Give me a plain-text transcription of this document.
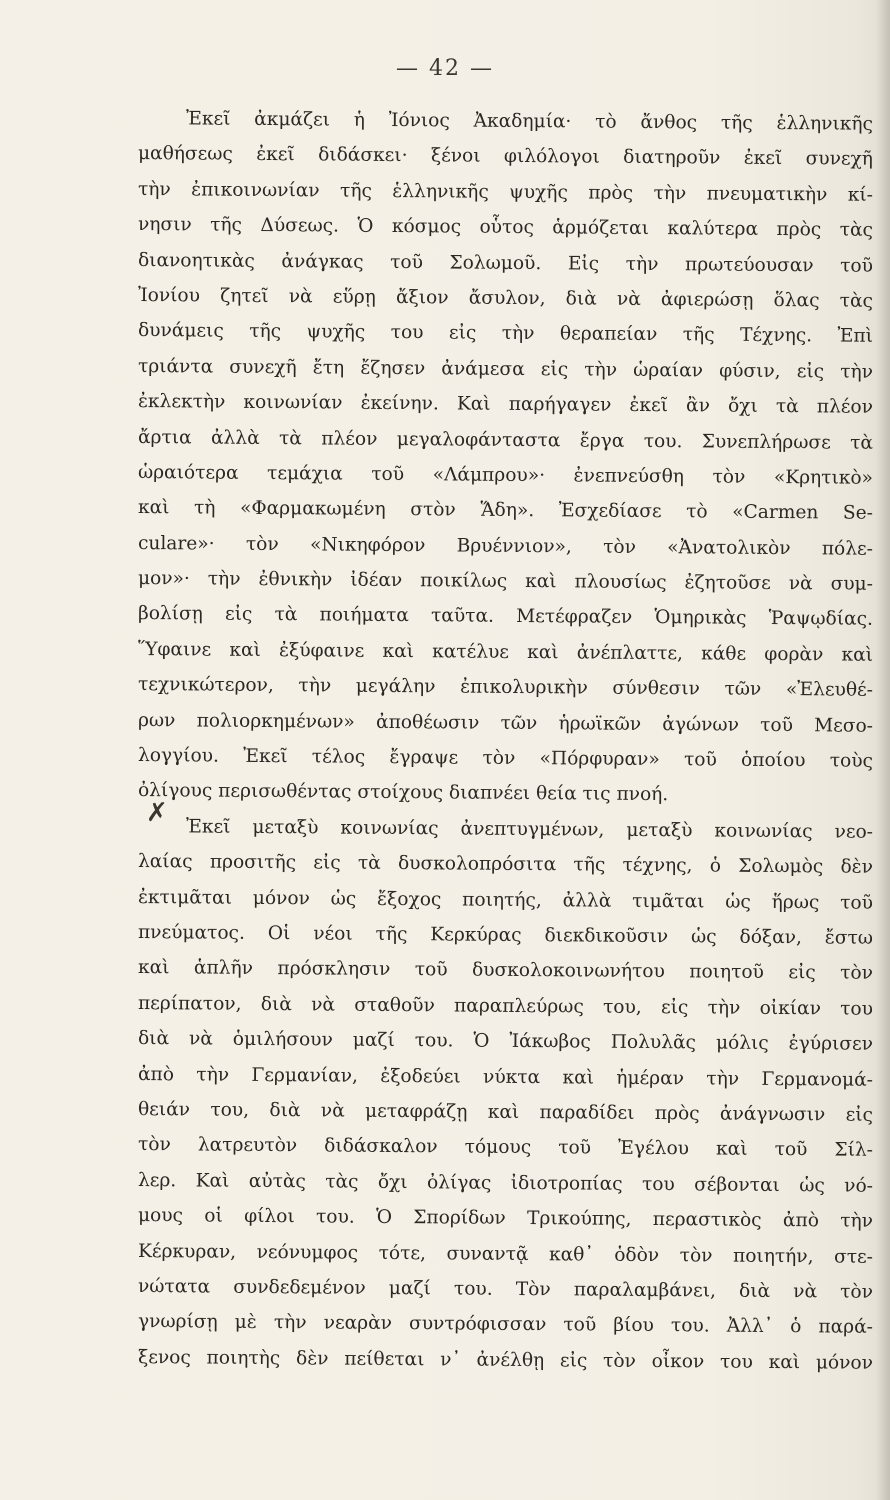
— 42 —
✗
Ἐκεῖ ἀκμάζει ἡ Ἰόνιος Ἀκαδημία· τὸ ἄνθος τῆς ἑλληνικῆς
μαθήσεως ἐκεῖ διδάσκει· ξένοι φιλόλογοι διατηροῦν ἐκεῖ συνεχῆ
τὴν ἐπικοινωνίαν τῆς ἑλληνικῆς ψυχῆς πρὸς τὴν πνευματικὴν κί-
νησιν τῆς Δύσεως. Ὁ κόσμος οὗτος ἁρμόζεται καλύτερα πρὸς τὰς
διανοητικὰς ἀνάγκας τοῦ Σολωμοῦ. Εἰς τὴν πρωτεύουσαν τοῦ
Ἰονίου ζητεῖ νὰ εὕρῃ ἄξιον ἄσυλον, διὰ νὰ ἀφιερώσῃ ὅλας τὰς
δυνάμεις τῆς ψυχῆς του εἰς τὴν θεραπείαν τῆς Τέχνης. Ἐπὶ
τριάντα συνεχῆ ἔτη ἔζησεν ἀνάμεσα εἰς τὴν ὡραίαν φύσιν, εἰς τὴν
ἐκλεκτὴν κοινωνίαν ἐκείνην. Καὶ παρήγαγεν ἐκεῖ ἂν ὄχι τὰ πλέον
ἄρτια ἀλλὰ τὰ πλέον μεγαλοφάνταστα ἔργα του. Συνεπλήρωσε τὰ
ὡραιότερα τεμάχια τοῦ «Λάμπρου»· ἐνεπνεύσθη τὸν «Κρητικὸ»
καὶ τὴ «Φαρμακωμένη στὸν Ἅδη». Ἐσχεδίασε τὸ «Carmen Se-
culare»· τὸν «Νικηφόρον Βρυέννιον», τὸν «Ἀνατολικὸν πόλε-
μον»· τὴν ἐθνικὴν ἰδέαν ποικίλως καὶ πλουσίως ἐζητοῦσε νὰ συμ-
βολίσῃ εἰς τὰ ποιήματα ταῦτα. Μετέφραζεν Ὁμηρικὰς Ῥαψῳδίας.
Ὕφαινε καὶ ἐξύφαινε καὶ κατέλυε καὶ ἀνέπλαττε, κάθε φορὰν καὶ
τεχνικώτερον, τὴν μεγάλην ἐπικολυρικὴν σύνθεσιν τῶν «Ἐλευθέ-
ρων πολιορκημένων» ἀποθέωσιν τῶν ἡρωϊκῶν ἀγώνων τοῦ Μεσο-
λογγίου. Ἐκεῖ τέλος ἔγραψε τὸν «Πόρφυραν» τοῦ ὁποίου τοὺς
ὀλίγους περισωθέντας στοίχους διαπνέει θεία τις πνοή.
Ἐκεῖ μεταξὺ κοινωνίας ἀνεπτυγμένων, μεταξὺ κοινωνίας νεο-
λαίας προσιτῆς εἰς τὰ δυσκολοπρόσιτα τῆς τέχνης, ὁ Σολωμὸς δὲν
ἐκτιμᾶται μόνον ὡς ἔξοχος ποιητής, ἀλλὰ τιμᾶται ὡς ἥρως τοῦ
πνεύματος. Οἱ νέοι τῆς Κερκύρας διεκδικοῦσιν ὡς δόξαν, ἔστω
καὶ ἁπλῆν πρόσκλησιν τοῦ δυσκολοκοινωνήτου ποιητοῦ εἰς τὸν
περίπατον, διὰ νὰ σταθοῦν παραπλεύρως του, εἰς τὴν οἰκίαν του
διὰ νὰ ὁμιλήσουν μαζί του. Ὁ Ἰάκωβος Πολυλᾶς μόλις ἐγύρισεν
ἀπὸ τὴν Γερμανίαν, ἐξοδεύει νύκτα καὶ ἡμέραν τὴν Γερμανομά-
θειάν του, διὰ νὰ μεταφράζῃ καὶ παραδίδει πρὸς ἀνάγνωσιν εἰς
τὸν λατρευτὸν διδάσκαλον τόμους τοῦ Ἐγέλου καὶ τοῦ Σίλ-
λερ. Καὶ αὐτὰς τὰς ὄχι ὀλίγας ἰδιοτροπίας του σέβονται ὡς νό-
μους οἱ φίλοι του. Ὁ Σπορίδων Τρικούπης, περαστικὸς ἀπὸ τὴν
Κέρκυραν, νεόνυμφος τότε, συναντᾷ καθ᾽ ὁδὸν τὸν ποιητήν, στε-
νώτατα συνδεδεμένον μαζί του. Τὸν παραλαμβάνει, διὰ νὰ τὸν
γνωρίσῃ μὲ τὴν νεαρὰν συντρόφισσαν τοῦ βίου του. Ἀλλ᾽ ὁ παρά-
ξενος ποιητὴς δὲν πείθεται ν᾽ ἀνέλθῃ εἰς τὸν οἶκον του καὶ μόνον
